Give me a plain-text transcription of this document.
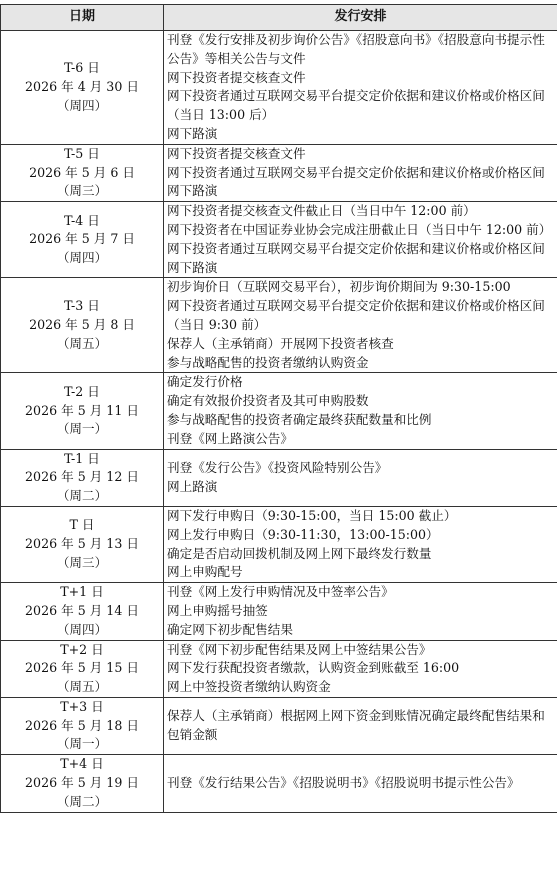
日期	发行安排

T-6 日
2026 年 4 月 30 日
（周四）	刊登《发行安排及初步询价公告》《招股意向书》《招股意向书提示性公告》等相关公告与文件
网下投资者提交核查文件
网下投资者通过互联网交易平台提交定价依据和建议价格或价格区间（当日 13:00 后）
网下路演

T-5 日
2026 年 5 月 6 日
（周三）	网下投资者提交核查文件
网下投资者通过互联网交易平台提交定价依据和建议价格或价格区间
网下路演

T-4 日
2026 年 5 月 7 日
（周四）	网下投资者提交核查文件截止日（当日中午 12:00 前）
网下投资者在中国证券业协会完成注册截止日（当日中午 12:00 前）
网下投资者通过互联网交易平台提交定价依据和建议价格或价格区间
网下路演

T-3 日
2026 年 5 月 8 日
（周五）	初步询价日（互联网交易平台），初步询价期间为 9:30-15:00
网下投资者通过互联网交易平台提交定价依据和建议价格或价格区间（当日 9:30 前）
保荐人（主承销商）开展网下投资者核查
参与战略配售的投资者缴纳认购资金

T-2 日
2026 年 5 月 11 日
（周一）	确定发行价格
确定有效报价投资者及其可申购股数
参与战略配售的投资者确定最终获配数量和比例
刊登《网上路演公告》

T-1 日
2026 年 5 月 12 日
（周二）	刊登《发行公告》《投资风险特别公告》
网上路演

T 日
2026 年 5 月 13 日
（周三）	网下发行申购日（9:30-15:00，当日 15:00 截止）
网上发行申购日（9:30-11:30，13:00-15:00）
确定是否启动回拨机制及网上网下最终发行数量
网上申购配号

T+1 日
2026 年 5 月 14 日
（周四）	刊登《网上发行申购情况及中签率公告》
网上申购摇号抽签
确定网下初步配售结果

T+2 日
2026 年 5 月 15 日
（周五）	刊登《网下初步配售结果及网上中签结果公告》
网下发行获配投资者缴款，认购资金到账截至 16:00
网上中签投资者缴纳认购资金

T+3 日
2026 年 5 月 18 日
（周一）	保荐人（主承销商）根据网上网下资金到账情况确定最终配售结果和包销金额

T+4 日
2026 年 5 月 19 日
（周二）	刊登《发行结果公告》《招股说明书》《招股说明书提示性公告》
